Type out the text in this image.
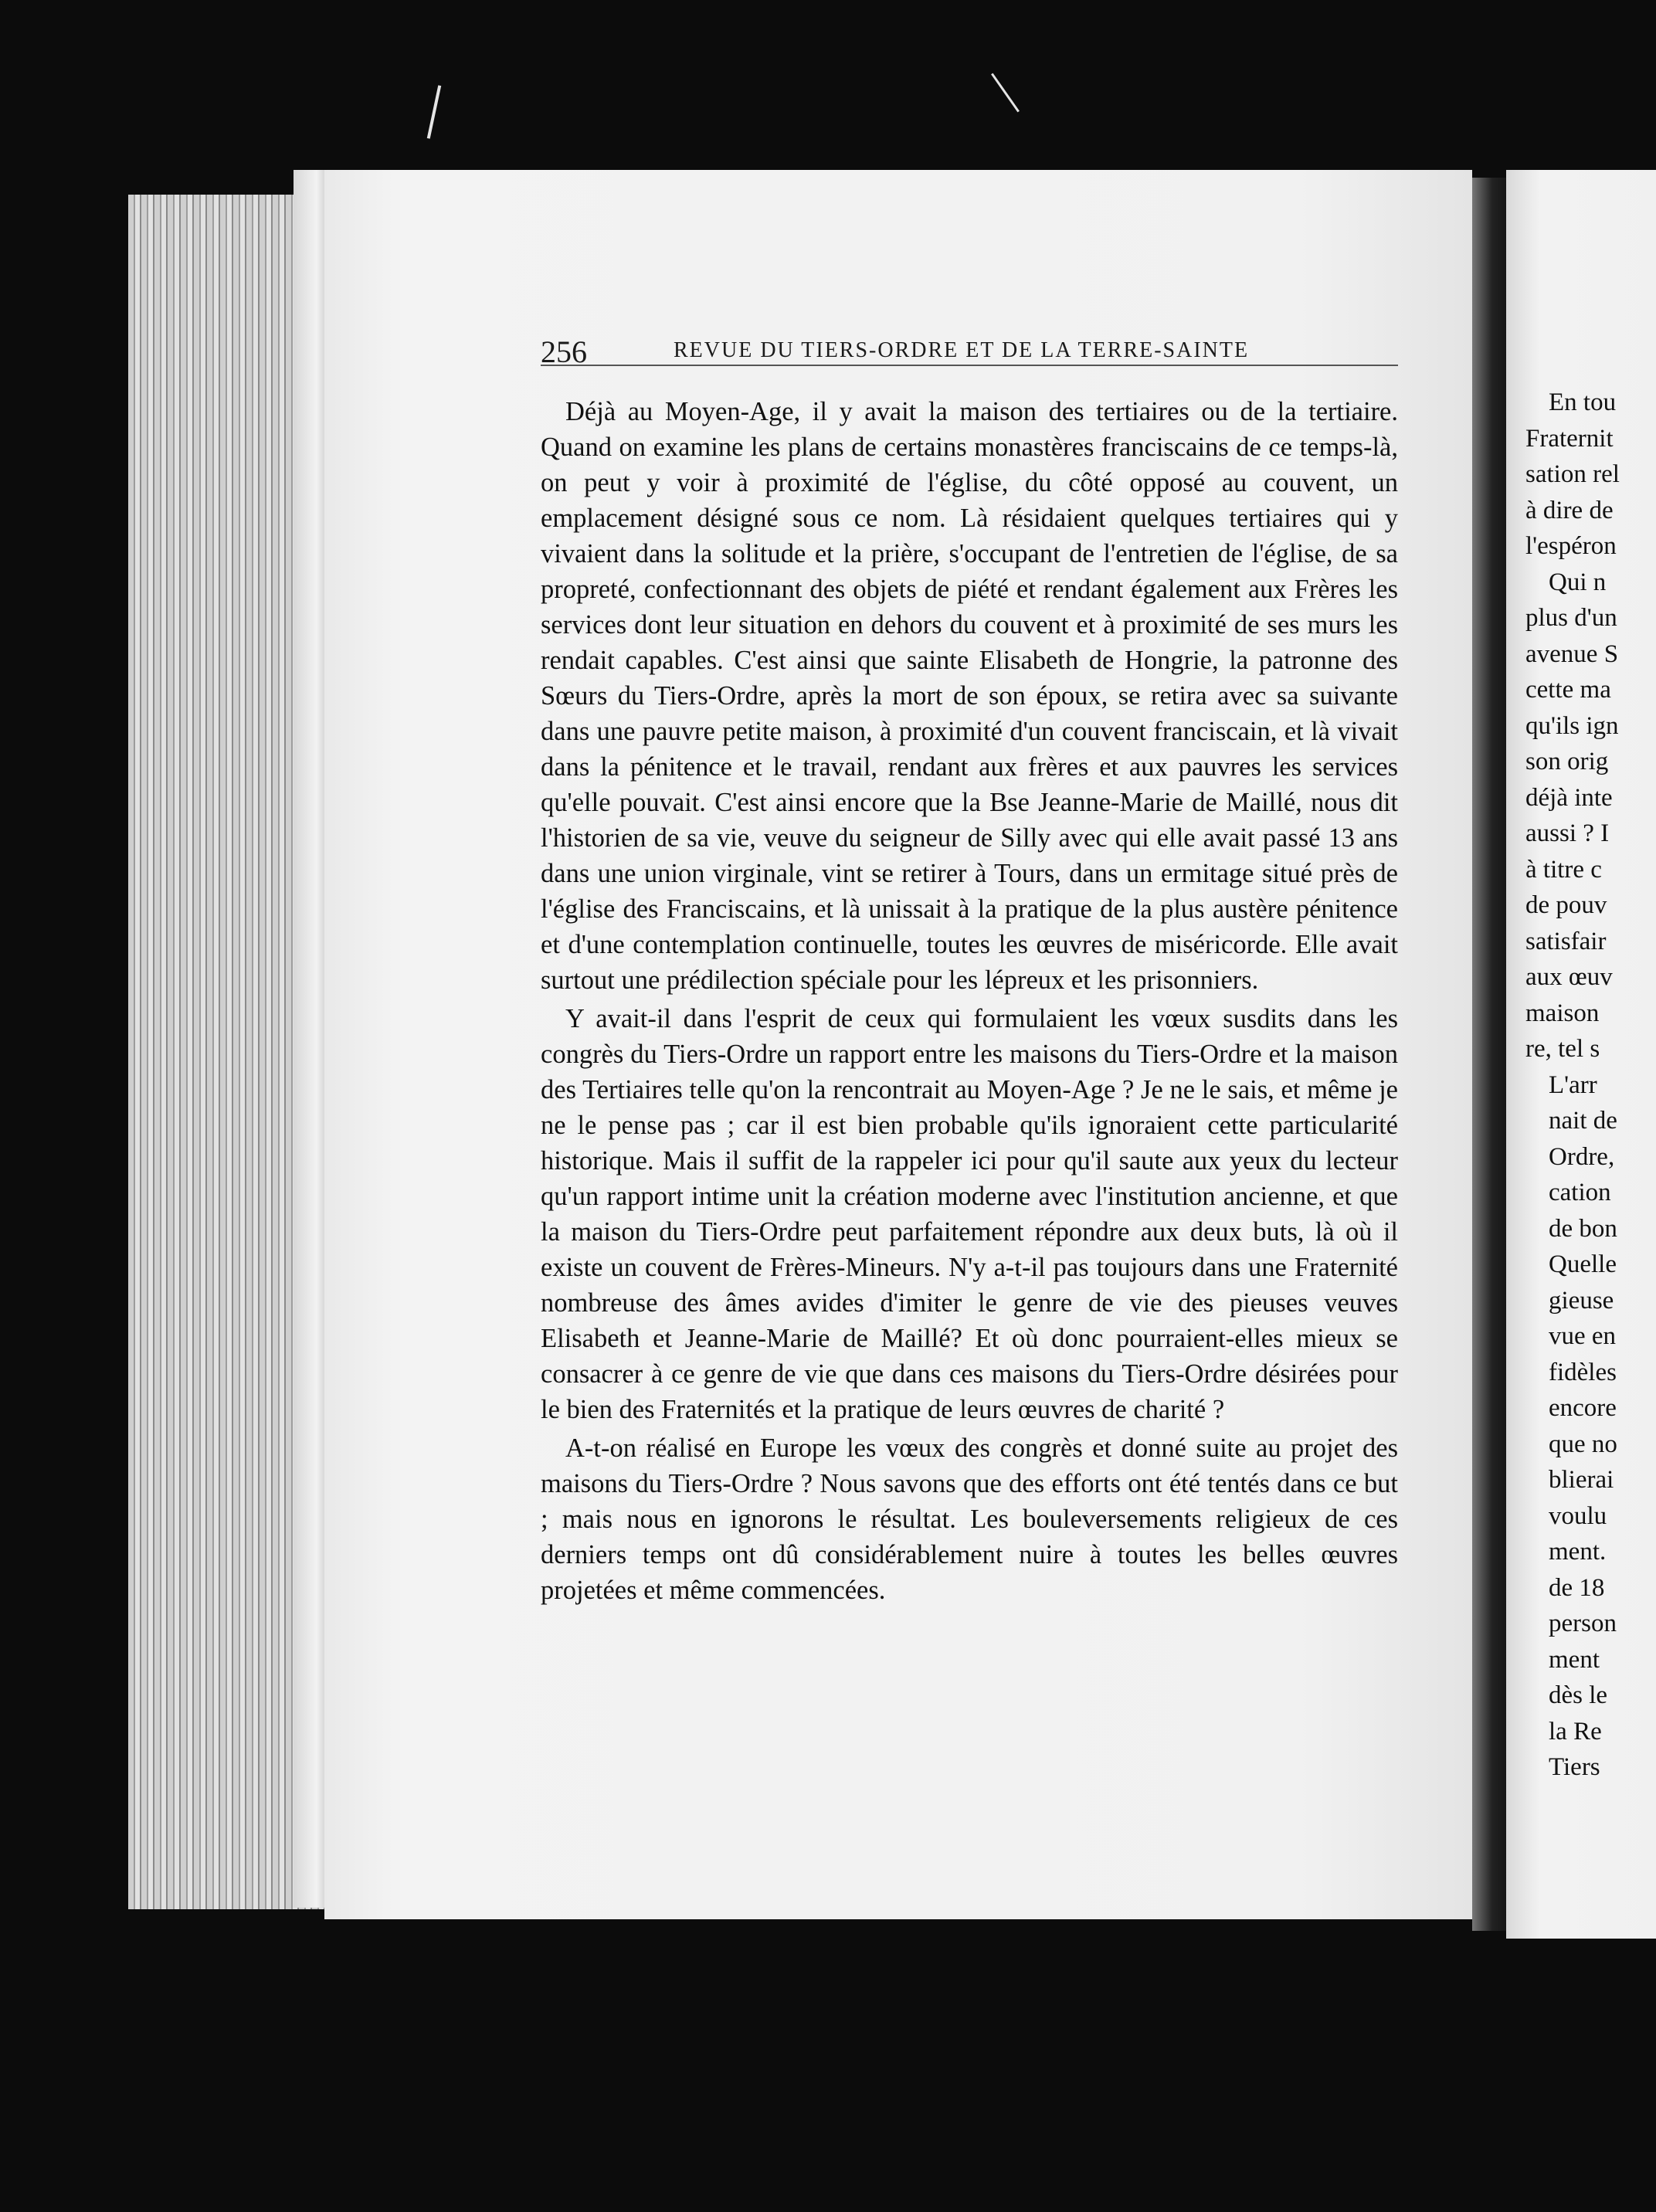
256	REVUE DU TIERS-ORDRE ET DE LA TERRE-SAINTE

Déjà au Moyen-Age, il y avait la maison des tertiaires ou de la tertiaire. Quand on examine les plans de certains monastères franciscains de ce temps-là, on peut y voir à proximité de l'église, du côté opposé au couvent, un emplacement désigné sous ce nom. Là résidaient quelques tertiaires qui y vivaient dans la solitude et la prière, s'occupant de l'entretien de l'église, de sa propreté, confectionnant des objets de piété et rendant également aux Frères les services dont leur situation en dehors du couvent et à proximité de ses murs les rendait capables. C'est ainsi que sainte Elisabeth de Hongrie, la patronne des Sœurs du Tiers-Ordre, après la mort de son époux, se retira avec sa suivante dans une pauvre petite maison, à proximité d'un couvent franciscain, et là vivait dans la pénitence et le travail, rendant aux frères et aux pauvres les services qu'elle pouvait. C'est ainsi encore que la Bse Jeanne-Marie de Maillé, nous dit l'historien de sa vie, veuve du seigneur de Silly avec qui elle avait passé 13 ans dans une union virginale, vint se retirer à Tours, dans un ermitage situé près de l'église des Franciscains, et là unissait à la pratique de la plus austère pénitence et d'une contemplation continuelle, toutes les œuvres de miséricorde. Elle avait surtout une prédilection spéciale pour les lépreux et les prisonniers.

Y avait-il dans l'esprit de ceux qui formulaient les vœux susdits dans les congrès du Tiers-Ordre un rapport entre les maisons du Tiers-Ordre et la maison des Tertiaires telle qu'on la rencontrait au Moyen-Age ? Je ne le sais, et même je ne le pense pas ; car il est bien probable qu'ils ignoraient cette particularité historique. Mais il suffit de la rappeler ici pour qu'il saute aux yeux du lecteur qu'un rapport intime unit la création moderne avec l'institution ancienne, et que la maison du Tiers-Ordre peut parfaitement répondre aux deux buts, là où il existe un couvent de Frères-Mineurs. N'y a-t-il pas toujours dans une Fraternité nombreuse des âmes avides d'imiter le genre de vie des pieuses veuves Elisabeth et Jeanne-Marie de Maillé? Et où donc pourraient-elles mieux se consacrer à ce genre de vie que dans ces maisons du Tiers-Ordre désirées pour le bien des Fraternités et la pratique de leurs œuvres de charité ?

A-t-on réalisé en Europe les vœux des congrès et donné suite au projet des maisons du Tiers-Ordre ? Nous savons que des efforts ont été tentés dans ce but ; mais nous en ignorons le résultat. Les bouleversements religieux de ces derniers temps ont dû considérablement nuire à toutes les belles œuvres projetées et même commencées.

En tou
Fraternit
sation rel
à dire de
l'espéron
Qui n
plus d'un
avenue S
cette ma
qu'ils ign
son orig
déjà inte
aussi ? I
à titre c
de pouv
satisfair
aux œuv
maison
re, tel s
L'arr
nait de
Ordre,
cation
de bon
Quelle
gieuse
vue en
fidèles
encore
que no
blierai
voulu
ment.
de 18
person
ment
dès le
la Re
Tiers
